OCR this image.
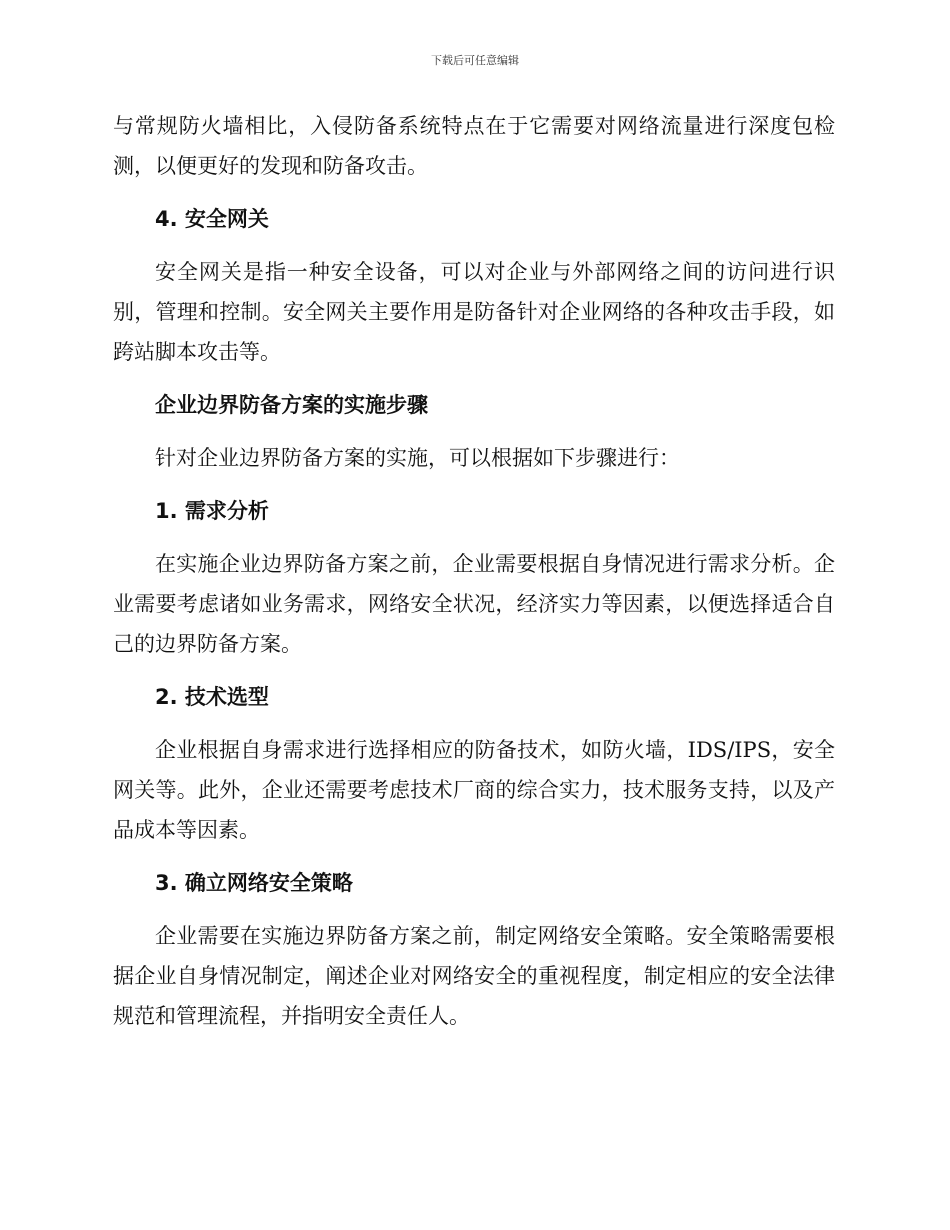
下载后可任意编辑

与常规防火墙相比，入侵防备系统特点在于它需要对网络流量进行深度包检测，以便更好的发现和防备攻击。

4. 安全网关

安全网关是指一种安全设备，可以对企业与外部网络之间的访问进行识别，管理和控制。安全网关主要作用是防备针对企业网络的各种攻击手段，如跨站脚本攻击等。

企业边界防备方案的实施步骤

针对企业边界防备方案的实施，可以根据如下步骤进行：

1. 需求分析

在实施企业边界防备方案之前，企业需要根据自身情况进行需求分析。企业需要考虑诸如业务需求，网络安全状况，经济实力等因素，以便选择适合自己的边界防备方案。

2. 技术选型

企业根据自身需求进行选择相应的防备技术，如防火墙，IDS/IPS，安全网关等。此外，企业还需要考虑技术厂商的综合实力，技术服务支持，以及产品成本等因素。

3. 确立网络安全策略

企业需要在实施边界防备方案之前，制定网络安全策略。安全策略需要根据企业自身情况制定，阐述企业对网络安全的重视程度，制定相应的安全法律规范和管理流程，并指明安全责任人。
